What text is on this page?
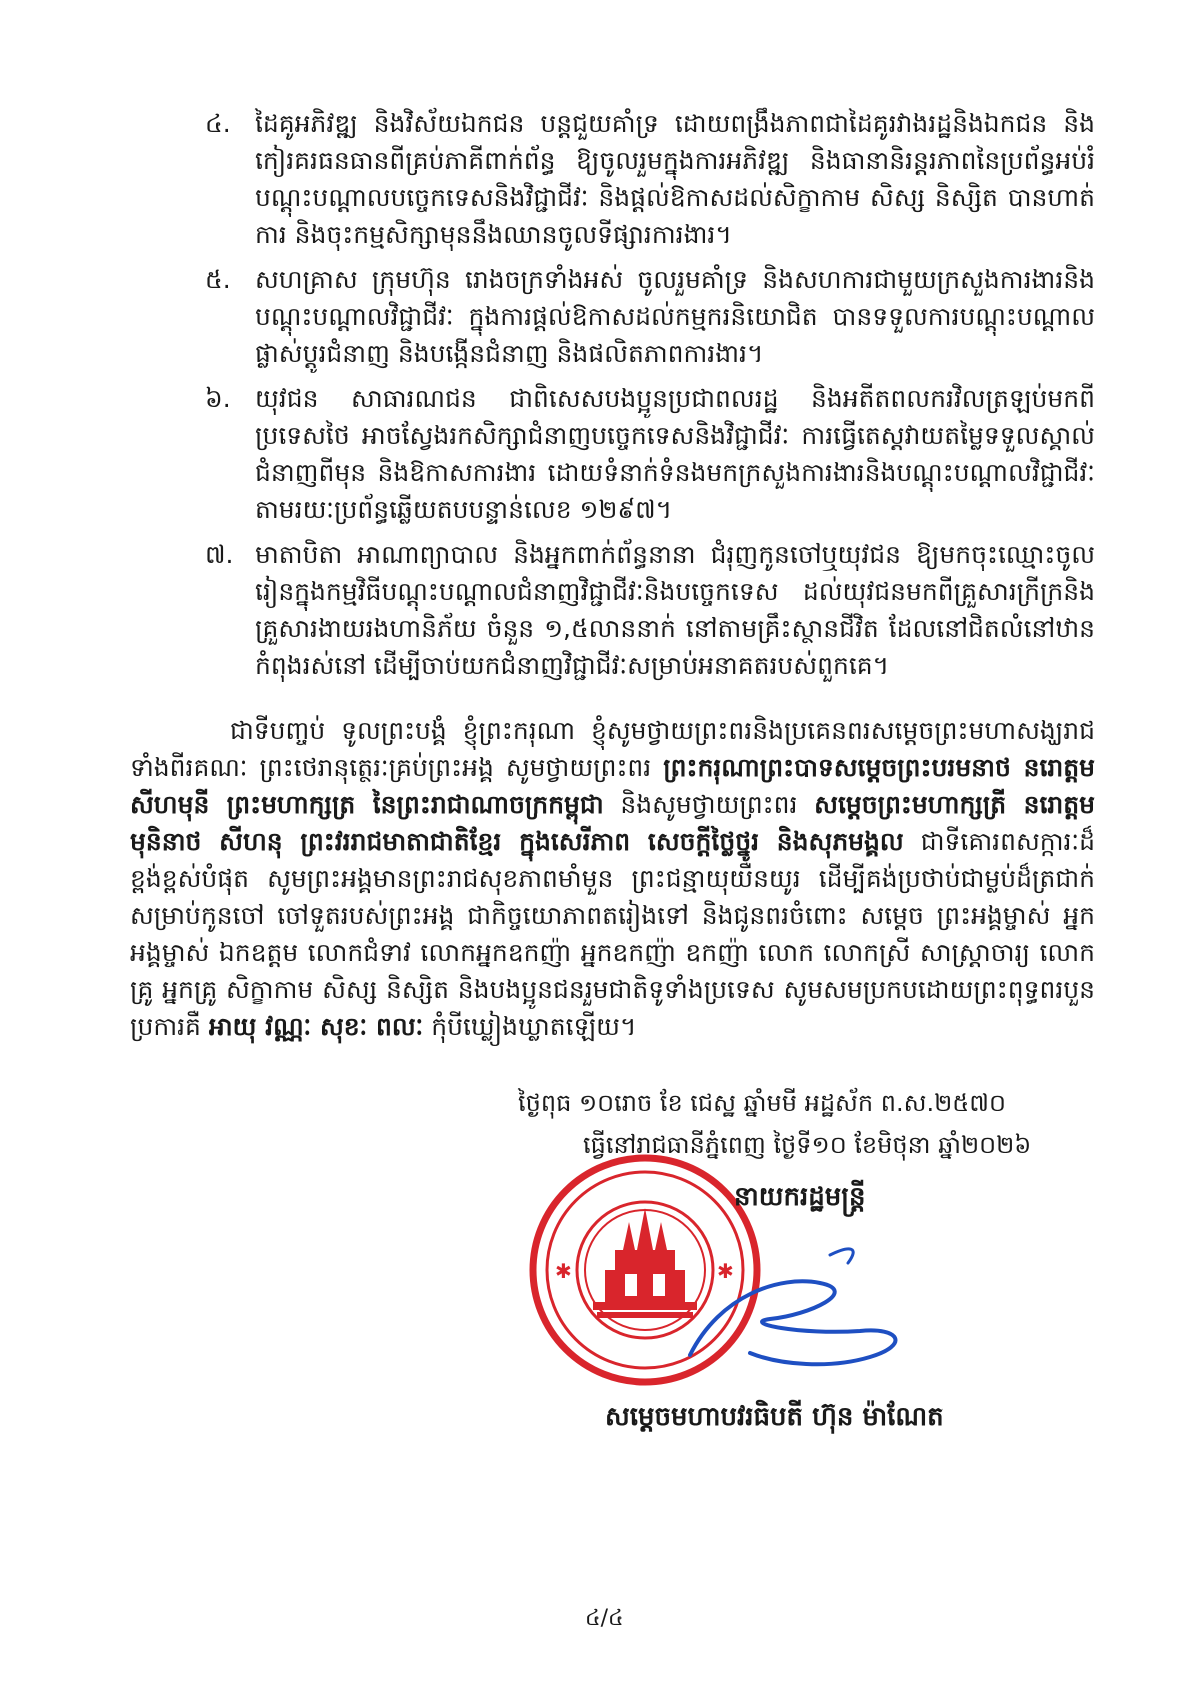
៤. ដៃគូអភិវឌ្ឍ និងវិស័យឯកជន បន្តជួយគាំទ្រ ដោយពង្រឹងភាពជាដៃគូរវាងរដ្ឋនិងឯកជន និងកៀរគរធនធានពីគ្រប់ភាគីពាក់ព័ន្ធ ឱ្យចូលរួមក្នុងការអភិវឌ្ឍ និងធានានិរន្តរភាពនៃប្រព័ន្ធអប់រំ បណ្តុះបណ្តាលបច្ចេកទេសនិងវិជ្ជាជីវៈ និងផ្តល់ឱកាសដល់សិក្ខាកាម សិស្ស និស្សិត បានហាត់ការ និងចុះកម្មសិក្សាមុននឹងឈានចូលទីផ្សារការងារ។
៥. សហគ្រាស ក្រុមហ៊ុន រោងចក្រទាំងអស់ ចូលរួមគាំទ្រ និងសហការជាមួយក្រសួងការងារនិងបណ្តុះបណ្តាលវិជ្ជាជីវៈ ក្នុងការផ្តល់ឱកាសដល់កម្មករនិយោជិត បានទទួលការបណ្តុះបណ្តាលផ្លាស់ប្តូរជំនាញ និងបង្កើនជំនាញ និងផលិតភាពការងារ។
៦. យុវជន សាធារណជន ជាពិសេសបងប្អូនប្រជាពលរដ្ឋ និងអតីតពលករវិលត្រឡប់មកពីប្រទេសថៃ អាចស្វែងរកសិក្សាជំនាញបច្ចេកទេសនិងវិជ្ជាជីវៈ ការធ្វើតេស្តវាយតម្លៃទទួលស្គាល់ជំនាញពីមុន និងឱកាសការងារ ដោយទំនាក់ទំនងមកក្រសួងការងារនិងបណ្តុះបណ្តាលវិជ្ជាជីវៈ តាមរយៈប្រព័ន្ធឆ្លើយតបបន្ទាន់លេខ ១២៩៧។
៧. មាតាបិតា អាណាព្យាបាល និងអ្នកពាក់ព័ន្ធនានា ជំរុញកូនចៅឬយុវជន ឱ្យមកចុះឈ្មោះចូលរៀនក្នុងកម្មវិធីបណ្តុះបណ្តាលជំនាញវិជ្ជាជីវៈនិងបច្ចេកទេស ដល់យុវជនមកពីគ្រួសារក្រីក្រនិងគ្រួសារងាយរងហានិភ័យ ចំនួន ១,៥លាននាក់ នៅតាមគ្រឹះស្ថានជីវិត ដែលនៅជិតលំនៅឋានកំពុងរស់នៅ ដើម្បីចាប់យកជំនាញវិជ្ជាជីវៈសម្រាប់អនាគតរបស់ពួកគេ។

ជាទីបញ្ចប់ ទូលព្រះបង្គំ ខ្ញុំព្រះករុណា ខ្ញុំសូមថ្វាយព្រះពរនិងប្រគេនពរសម្តេចព្រះមហាសង្ឃរាជទាំងពីរគណៈ ព្រះថេរានុត្ថេរៈគ្រប់ព្រះអង្គ សូមថ្វាយព្រះពរ ព្រះករុណាព្រះបាទសម្តេចព្រះបរមនាថ នរោត្តម សីហមុនី ព្រះមហាក្សត្រ នៃព្រះរាជាណាចក្រកម្ពុជា និងសូមថ្វាយព្រះពរ សម្តេចព្រះមហាក្សត្រី នរោត្តម មុនិនាថ សីហនុ ព្រះវររាជមាតាជាតិខ្មែរ ក្នុងសេរីភាព សេចក្តីថ្លៃថ្នូរ និងសុភមង្គល ជាទីគោរពសក្ការៈដ៏ខ្ពង់ខ្ពស់បំផុត សូមព្រះអង្គមានព្រះរាជសុខភាពមាំមួន ព្រះជន្មាយុយឺនយូរ ដើម្បីគង់ប្រថាប់ជាម្លប់ដ៏ត្រជាក់សម្រាប់កូនចៅ ចៅទួតរបស់ព្រះអង្គ ជាកិច្ចយោភាពតរៀងទៅ និងជូនពរចំពោះ សម្តេច ព្រះអង្គម្ចាស់ អ្នកអង្គម្ចាស់ ឯកឧត្តម លោកជំទាវ លោកអ្នកឧកញ៉ា អ្នកឧកញ៉ា ឧកញ៉ា លោក លោកស្រី សាស្ត្រាចារ្យ លោកគ្រូ អ្នកគ្រូ សិក្ខាកាម សិស្ស និស្សិត និងបងប្អូនជនរួមជាតិទូទាំងប្រទេស សូមសមប្រកបដោយព្រះពុទ្ធពរបួនប្រការគឺ អាយុ វណ្ណៈ សុខៈ ពលៈ កុំបីឃ្លៀងឃ្លាតឡើយ។

ថ្ងៃពុធ ១០រោច ខែ ជេស្ឋ ឆ្នាំមមី អដ្ឋស័ក ព.ស.២៥៧០
ធ្វើនៅរាជធានីភ្នំពេញ ថ្ងៃទី១០ ខែមិថុនា ឆ្នាំ២០២៦
✱	✱
នាយករដ្ឋមន្ត្រី
សម្តេចមហាបវរធិបតី ហ៊ុន ម៉ាណែត
៤/៤
